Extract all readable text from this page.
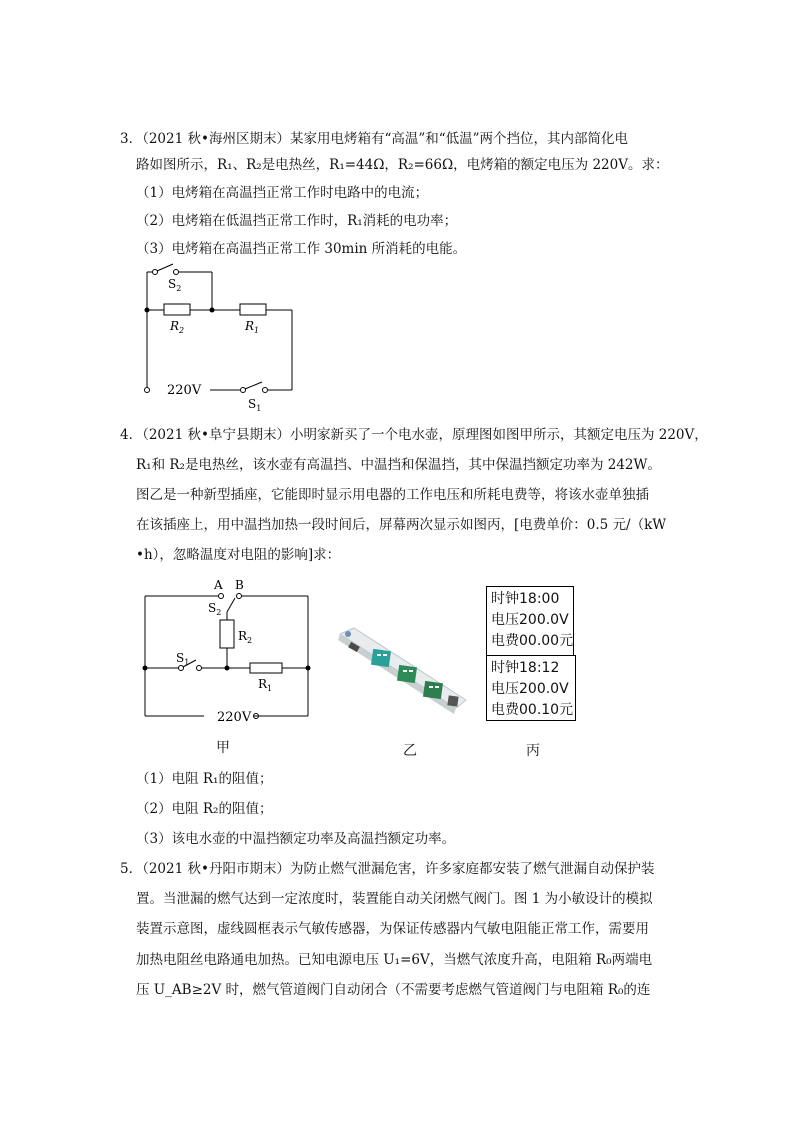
3．（2021 秋•海州区期末）某家用电烤箱有“高温”和“低温”两个挡位，其内部简化电
路如图所示，R₁、R₂是电热丝，R₁=44Ω，R₂=66Ω，电烤箱的额定电压为 220V。求：
（1）电烤箱在高温挡正常工作时电路中的电流；
（2）电烤箱在低温挡正常工作时，R₁消耗的电功率；
（3）电烤箱在高温挡正常工作 30min 所消耗的电能。
$S_2$
$R_2$	$R_1$
220V
$S_1$
4．（2021 秋•阜宁县期末）小明家新买了一个电水壶，原理图如图甲所示，其额定电压为 220V，
R₁和 R₂是电热丝，该水壶有高温挡、中温挡和保温挡，其中保温挡额定功率为 242W。
图乙是一种新型插座，它能即时显示用电器的工作电压和所耗电费等，将该水壶单独插
在该插座上，用中温挡加热一段时间后，屏幕两次显示如图丙，[电费单价：0.5 元/（kW
•h），忽略温度对电阻的影响]求：
A B
$S_2$
$R_2$
$S_1$
$R_1$
220V
时钟18:00
电压200.0V
电费00.00元
时钟18:12
电压200.0V
电费00.10元
甲	乙	丙
（1）电阻 R₁的阻值；
（2）电阻 R₂的阻值；
（3）该电水壶的中温挡额定功率及高温挡额定功率。
5．（2021 秋•丹阳市期末）为防止燃气泄漏危害，许多家庭都安装了燃气泄漏自动保护装
置。当泄漏的燃气达到一定浓度时，装置能自动关闭燃气阀门。图 1 为小敏设计的模拟
装置示意图，虚线圆框表示气敏传感器，为保证传感器内气敏电阻能正常工作，需要用
加热电阻丝电路通电加热。已知电源电压 U₁=6V，当燃气浓度升高，电阻箱 R₀两端电
压 U_AB≥2V 时，燃气管道阀门自动闭合（不需要考虑燃气管道阀门与电阻箱 R₀的连
